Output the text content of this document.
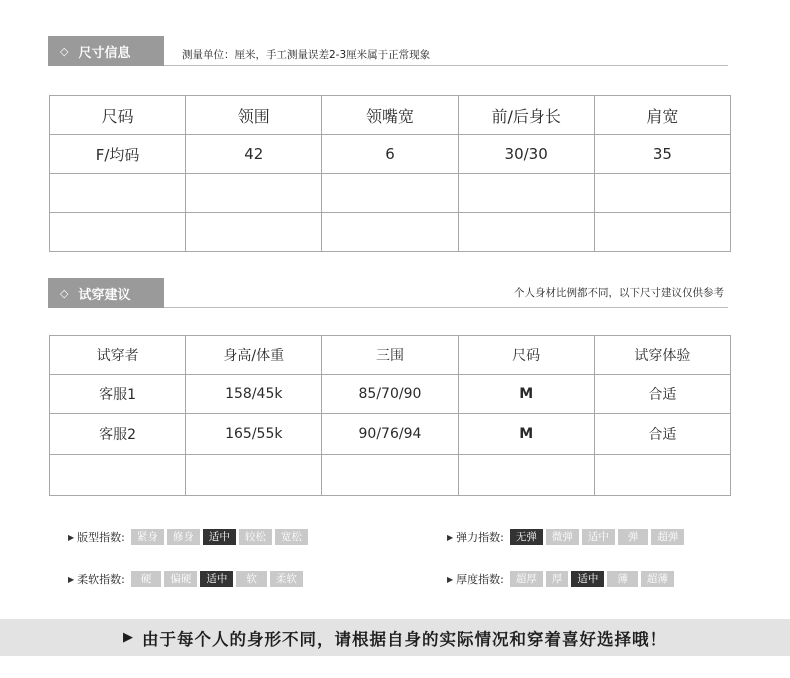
◇ 尺寸信息	测量单位：厘米，手工测量误差2-3厘米属于正常现象
尺码	领围	领嘴宽	前/后身长	肩宽
F/均码	42	6	30/30	35

◇ 试穿建议	个人身材比例都不同，以下尺寸建议仅供参考
试穿者	身高/体重	三围	尺码	试穿体验
客服1	158/45k	85/70/90	M	合适
客服2	165/55k	90/76/94	M	合适

▶ 版型指数:	紧身	修身	适中	较松	宽松	▶ 弹力指数:	无弹	微弹	适中	弹	超弹
▶ 柔软指数:	硬	偏硬	适中	软	柔软	▶ 厚度指数:	超厚	厚	适中	薄	超薄
▶ 由于每个人的身形不同，请根据自身的实际情况和穿着喜好选择哦！
